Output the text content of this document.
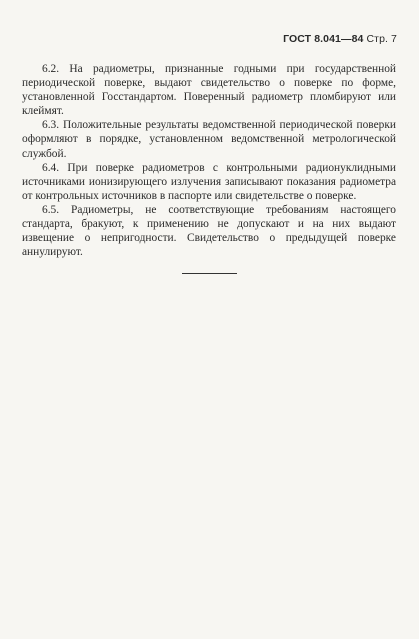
ГОСТ 8.041—84 Стр. 7

6.2. На радиометры, признанные годными при государственной периодической поверке, выдают свидетельство о поверке по форме, установленной Госстандартом. Поверенный радиометр пломбируют или клеймят.

6.3. Положительные результаты ведомственной периодической поверки оформляют в порядке, установленном ведомственной метрологической службой.

6.4. При поверке радиометров с контрольными радионуклидными источниками ионизирующего излучения записывают показания радиометра от контрольных источников в паспорте или свидетельстве о поверке.

6.5. Радиометры, не соответствующие требованиям настоящего стандарта, бракуют, к применению не допускают и на них выдают извещение о непригодности. Свидетельство о предыдущей поверке аннулируют.
